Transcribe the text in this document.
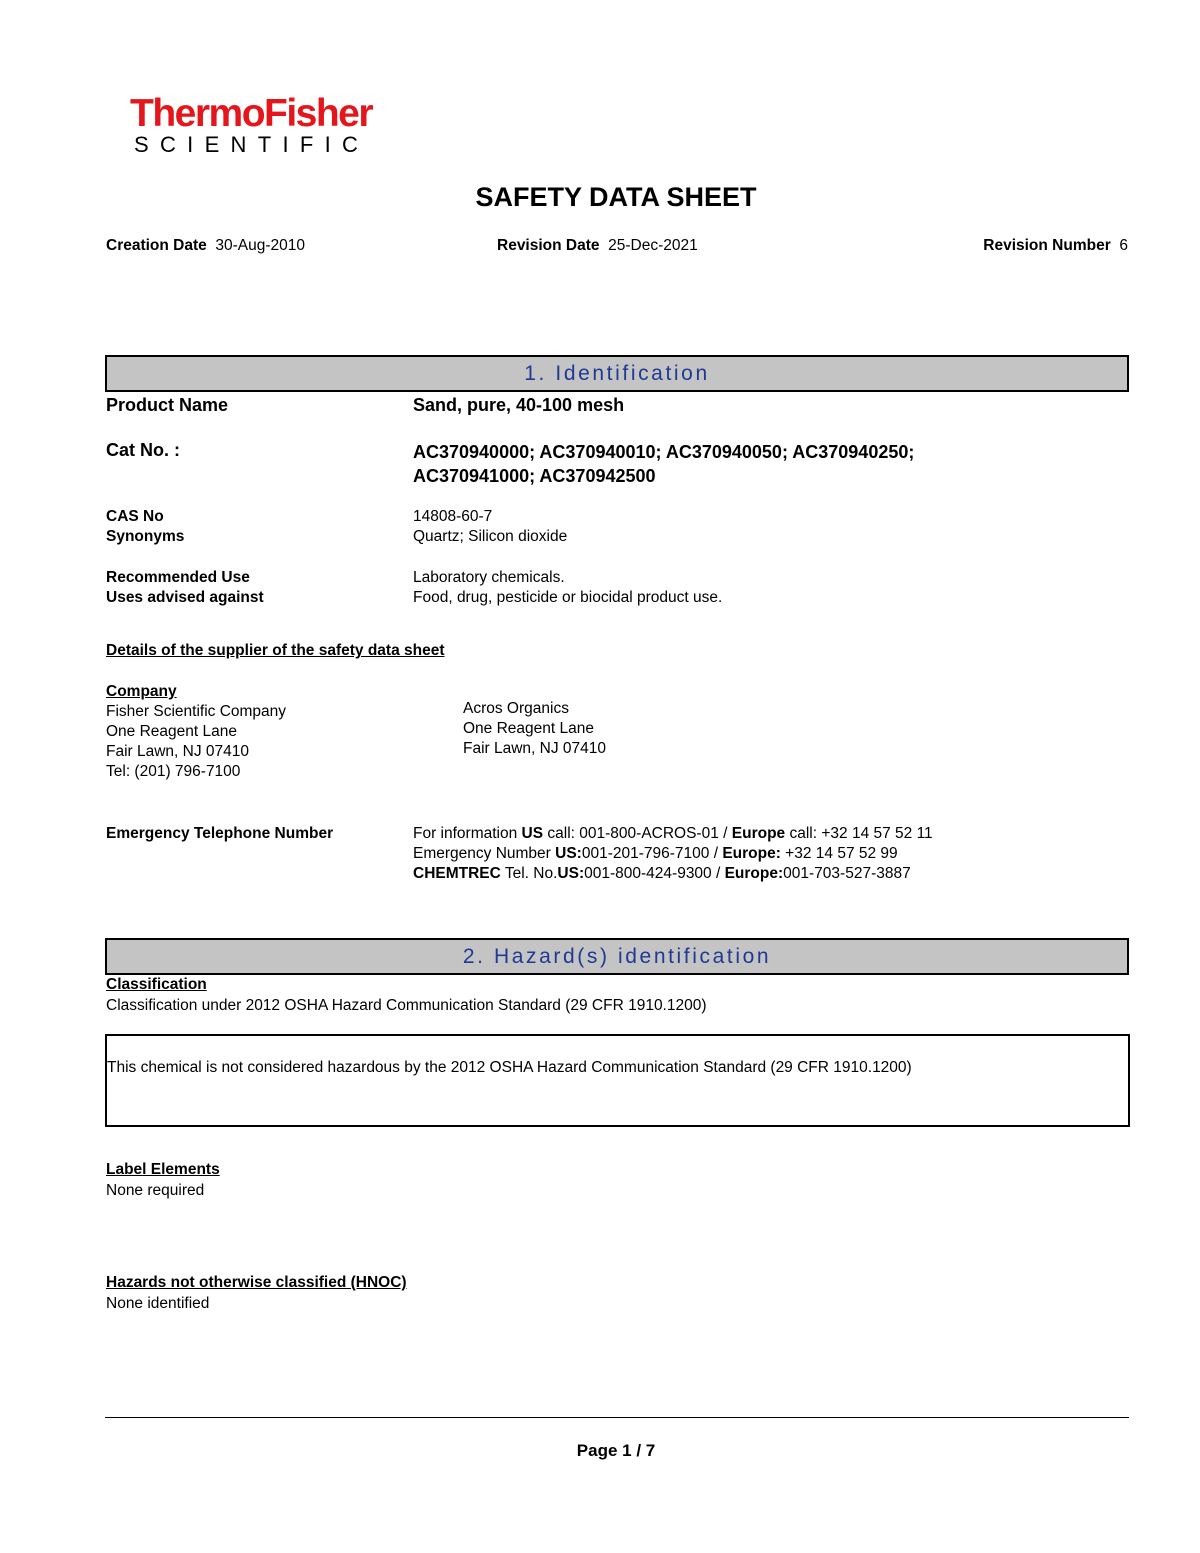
ThermoFisher
SCIENTIFIC
SAFETY DATA SHEET
Creation Date 30-Aug-2010	Revision Date 25-Dec-2021	Revision Number 6
1. Identification
Product Name	Sand, pure, 40-100 mesh
Cat No. :	AC370940000; AC370940010; AC370940050; AC370940250;
AC370941000; AC370942500
CAS No	14808-60-7
Synonyms	Quartz; Silicon dioxide
Recommended Use	Laboratory chemicals.
Uses advised against	Food, drug, pesticide or biocidal product use.
Details of the supplier of the safety data sheet
Company
Fisher Scientific Company
One Reagent Lane
Fair Lawn, NJ 07410
Tel: (201) 796-7100
Acros Organics
One Reagent Lane
Fair Lawn, NJ 07410
Emergency Telephone Number	For information US call: 001-800-ACROS-01 / Europe call: +32 14 57 52 11
Emergency Number US:001-201-796-7100 / Europe: +32 14 57 52 99
CHEMTREC Tel. No.US:001-800-424-9300 / Europe:001-703-527-3887
2. Hazard(s) identification
Classification
Classification under 2012 OSHA Hazard Communication Standard (29 CFR 1910.1200)
This chemical is not considered hazardous by the 2012 OSHA Hazard Communication Standard (29 CFR 1910.1200)
Label Elements
None required
Hazards not otherwise classified (HNOC)
None identified
Page 1 / 7
